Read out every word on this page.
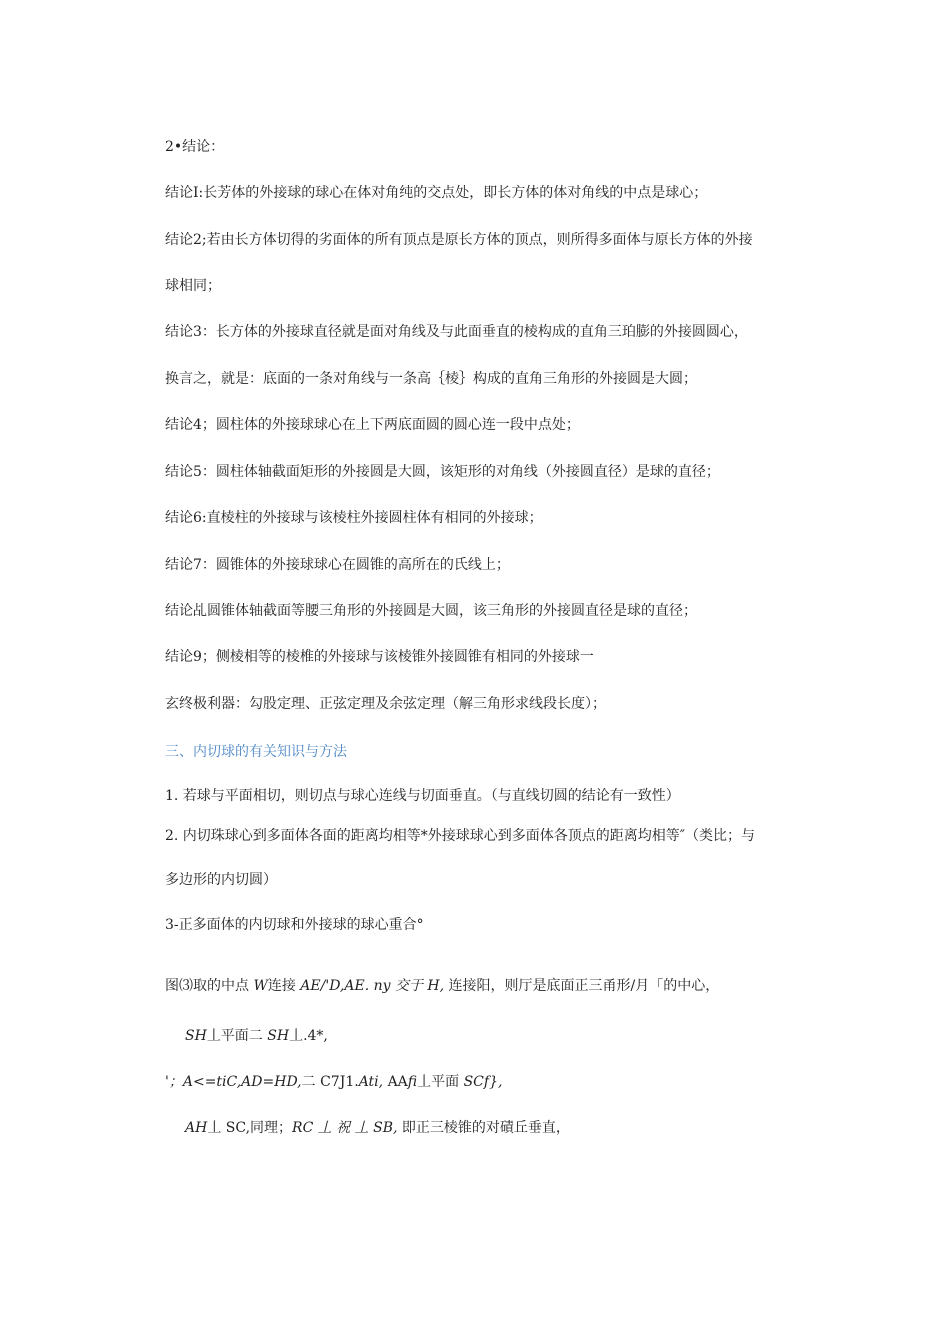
2•结论：
结论I:长芳体的外接球的球心在体对角纯的交点处，即长方体的体对角线的中点是球心；
结论2;若由长方体切得的劣面体的所有顶点是原长方体的顶点，则所得多面体与原长方体的外接
球相同；
结论3：长方体的外接球直径就是面对角线及与此面垂直的棱构成的直角三珀膨的外接圆圆心，
换言之，就是：底面的一条对角线与一条高｛棱｝构成的直角三角形的外接圆是大圆；
结论4；圆柱体的外接球球心在上下两底面圆的圆心连一段中点处；
结论5：圆柱体轴截面矩形的外接圆是大圆，该矩形的对角线（外接圆直径）是球的直径；
结论6:直棱柱的外接球与该棱柱外接圆柱体有相同的外接球；
结论7：圆锥体的外接球球心在圆锥的高所在的氏线上；
结论乩圆锥体轴截面等腰三角形的外接圆是大圆，该三角形的外接圆直径是球的直径；
结论9；侧棱相等的棱椎的外接球与该棱锥外接圆锥有相同的外接球一
玄终极利器：勾股定理、正弦定理及余弦定理（解三角形求线段长度）；
三、内切球的有关知识与方法
1. 若球与平面相切，则切点与球心连线与切面垂直。（与直线切圆的结论有一致性）
2. 内切珠球心到多面体各面的距离均相等*外接球球心到多面体各顶点的距离均相等″（类比；与
多边形的内切圆）
3-正多面体的内切球和外接球的球心重合°
图⑶取的中点 W连接 AE/'D,AE. ny 交于 H, 连接阳，则厅是底面正三甬形/月「的中心，
SH丄平面二 SH丄.4*,
'；A<=tiC,AD=HD,二 C7J1.Ati, AAfi丄平面 SCf},
AH丄 SC,同理；RC 丄 祝 丄 SB, 即正三棱锥的对磧丘垂直，
